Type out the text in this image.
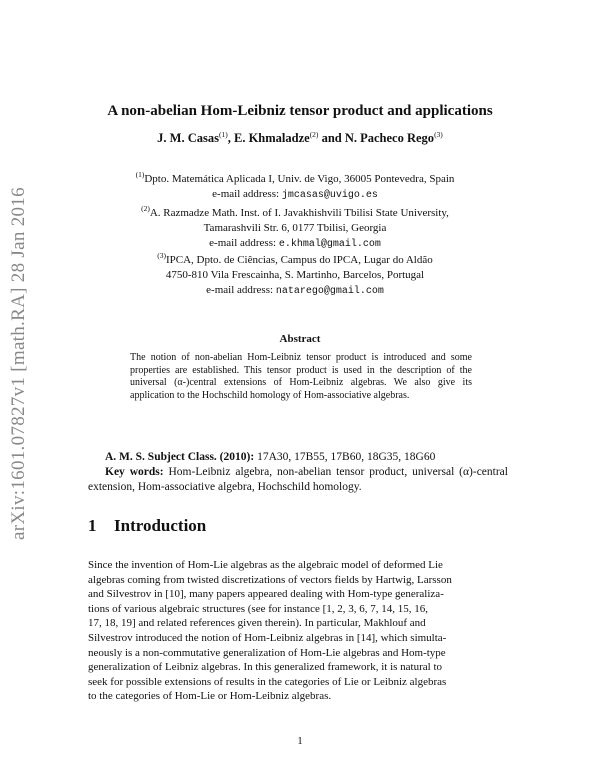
arXiv:1601.07827v1 [math.RA] 28 Jan 2016
A non-abelian Hom-Leibniz tensor product and applications
J. M. Casas$^{(1)}$, E. Khmaladze$^{(2)}$ and N. Pacheco Rego$^{(3)}$
$^{(1)}$Dpto. Matemática Aplicada I, Univ. de Vigo, 36005 Pontevedra, Spain
e-mail address: jmcasas@uvigo.es
$^{(2)}$A. Razmadze Math. Inst. of I. Javakhishvili Tbilisi State University,
Tamarashvili Str. 6, 0177 Tbilisi, Georgia
e-mail address: e.khmal@gmail.com
$^{(3)}$IPCA, Dpto. de Ciências, Campus do IPCA, Lugar do Aldão
4750-810 Vila Frescainha, S. Martinho, Barcelos, Portugal
e-mail address: natarego@gmail.com
Abstract
The notion of non-abelian Hom-Leibniz tensor product is introduced and some properties are established. This tensor product is used in the description of the universal (α-)central extensions of Hom-Leibniz algebras. We also give its application to the Hochschild homology of Hom-associative algebras.
A. M. S. Subject Class. (2010): 17A30, 17B55, 17B60, 18G35, 18G60
Key words: Hom-Leibniz algebra, non-abelian tensor product, universal (α)-central extension, Hom-associative algebra, Hochschild homology.
1 Introduction
Since the invention of Hom-Lie algebras as the algebraic model of deformed Lie
algebras coming from twisted discretizations of vectors fields by Hartwig, Larsson
and Silvestrov in [10], many papers appeared dealing with Hom-type generaliza-
tions of various algebraic structures (see for instance [1, 2, 3, 6, 7, 14, 15, 16,
17, 18, 19] and related references given therein). In particular, Makhlouf and
Silvestrov introduced the notion of Hom-Leibniz algebras in [14], which simulta-
neously is a non-commutative generalization of Hom-Lie algebras and Hom-type
generalization of Leibniz algebras. In this generalized framework, it is natural to
seek for possible extensions of results in the categories of Lie or Leibniz algebras
to the categories of Hom-Lie or Hom-Leibniz algebras.
1
